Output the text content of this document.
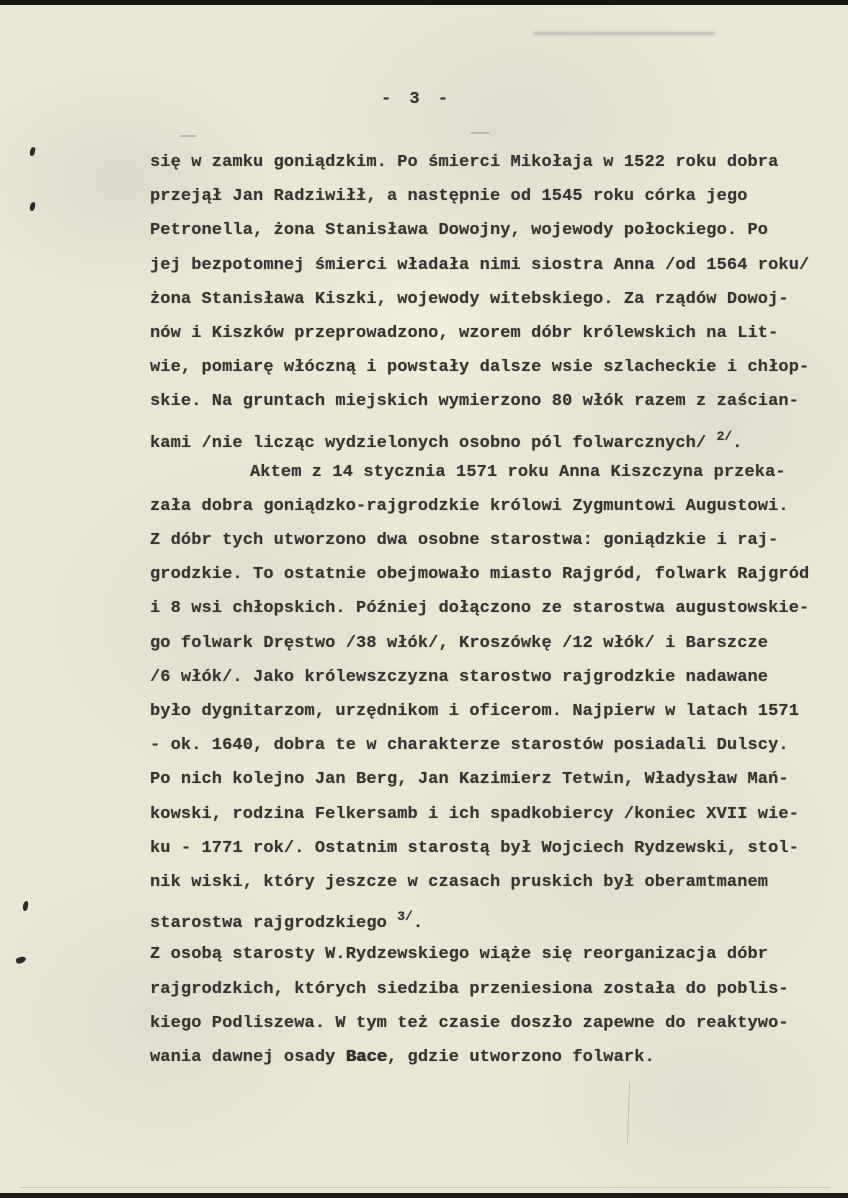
- 3 -
się w zamku goniądzkim. Po śmierci Mikołaja w 1522 roku dobra
przejął Jan Radziwiłł, a następnie od 1545 roku córka jego
Petronella, żona Stanisława Dowojny, wojewody połockiego. Po
jej bezpotomnej śmierci władała nimi siostra Anna /od 1564 roku/
żona Stanisława Kiszki, wojewody witebskiego. Za rządów Dowoj-
nów i Kiszków przeprowadzono, wzorem dóbr królewskich na Lit-
wie, pomiarę włóczną i powstały dalsze wsie szlacheckie i chłop-
skie. Na gruntach miejskich wymierzono 80 włók razem z zaścian-
kami /nie licząc wydzielonych osobno pól folwarcznych/ $^{2/}$.
Aktem z 14 stycznia 1571 roku Anna Kiszczyna przeka-
zała dobra goniądzko-rajgrodzkie królowi Zygmuntowi Augustowi.
Z dóbr tych utworzono dwa osobne starostwa: goniądzkie i raj-
grodzkie. To ostatnie obejmowało miasto Rajgród, folwark Rajgród
i 8 wsi chłopskich. Później dołączono ze starostwa augustowskie-
go folwark Dręstwo /38 włók/, Kroszówkę /12 włók/ i Barszcze
/6 włók/. Jako królewszczyzna starostwo rajgrodzkie nadawane
było dygnitarzom, urzędnikom i oficerom. Najpierw w latach 1571
- ok. 1640, dobra te w charakterze starostów posiadali Dulscy.
Po nich kolejno Jan Berg, Jan Kazimierz Tetwin, Władysław Mań-
kowski, rodzina Felkersamb i ich spadkobiercy /koniec XVII wie-
ku - 1771 rok/. Ostatnim starostą był Wojciech Rydzewski, stol-
nik wiski, który jeszcze w czasach pruskich był oberamtmanem
starostwa rajgrodzkiego $^{3/}$.
Z osobą starosty W.Rydzewskiego wiąże się reorganizacja dóbr
rajgrodzkich, których siedziba przeniesiona została do poblis-
kiego Podliszewa. W tym też czasie doszło zapewne do reaktywo-
wania dawnej osady Bace, gdzie utworzono folwark.
